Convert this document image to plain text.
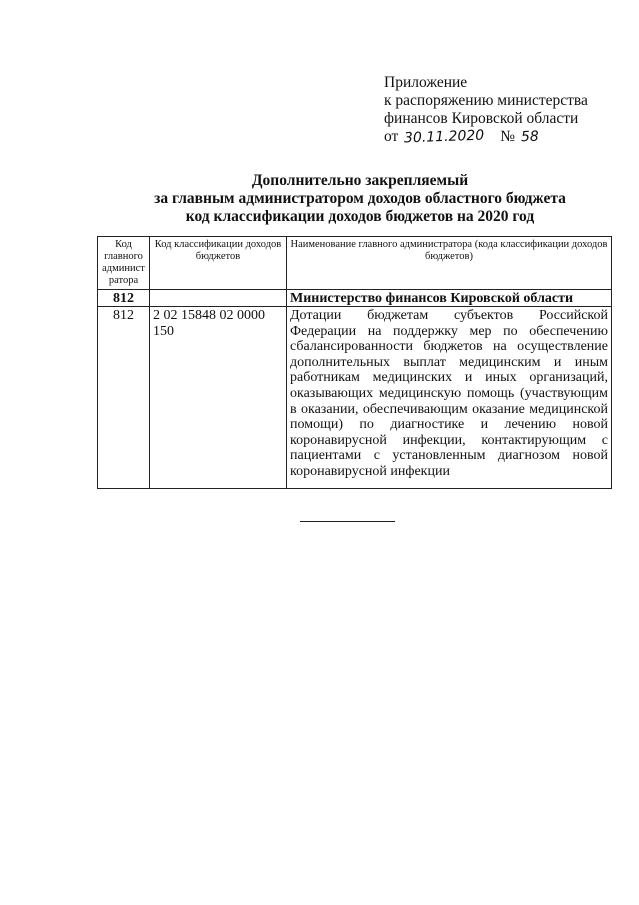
Приложение
к распоряжению министерства
финансов Кировской области
от 30.11.2020 № 58
Дополнительно закрепляемый
за главным администратором доходов областного бюджета
код классификации доходов бюджетов на 2020 год
Код главного админист ратора	Код классификации доходов бюджетов	Наименование главного администратора (кода классификации доходов бюджетов)
812		Министерство финансов Кировской области
812	2 02 15848 02 0000 150	Дотации бюджетам субъектов Российской Федерации на поддержку мер по обеспечению сбалансированности бюджетов на осуществление дополнительных выплат медицинским и иным работникам медицинских и иных организаций, оказывающих медицинскую помощь (участвующим в оказании, обеспечивающим оказание медицинской помощи) по диагностике и лечению новой коронавирусной инфекции, контактирующим с пациентами с установленным диагнозом новой коронавирусной инфекции
